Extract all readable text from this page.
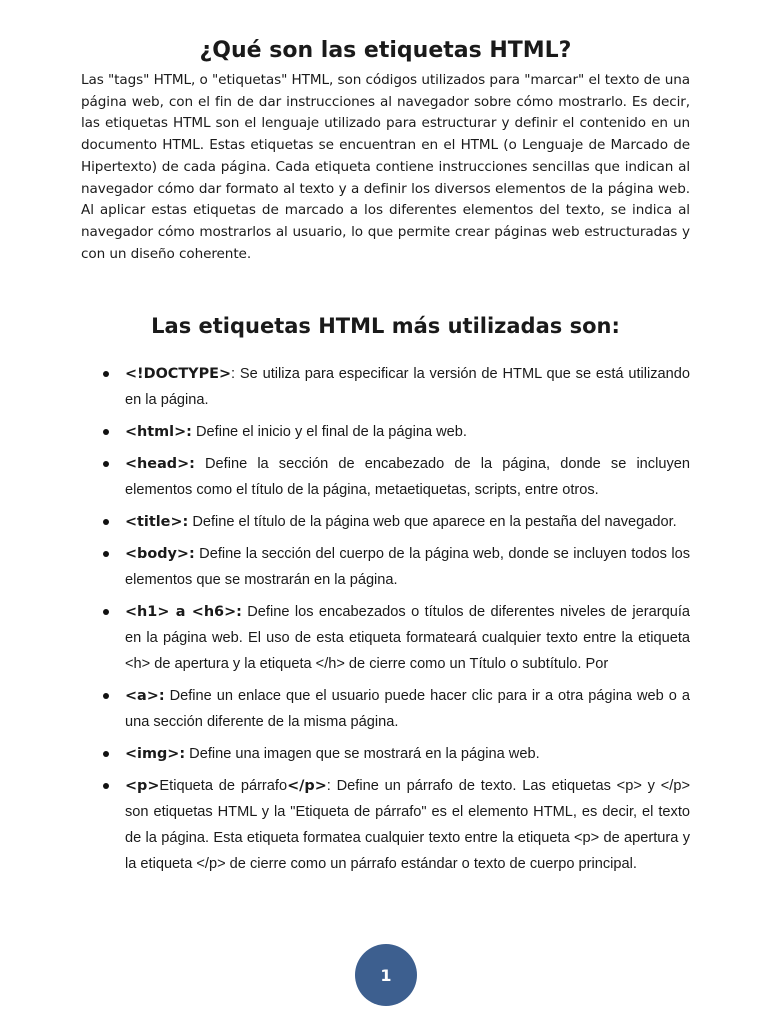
¿Qué son las etiquetas HTML?

Las "tags" HTML, o "etiquetas" HTML, son códigos utilizados para "marcar" el texto de una página web, con el fin de dar instrucciones al navegador sobre cómo mostrarlo. Es decir, las etiquetas HTML son el lenguaje utilizado para estructurar y definir el contenido en un documento HTML. Estas etiquetas se encuentran en el HTML (o Lenguaje de Marcado de Hipertexto) de cada página. Cada etiqueta contiene instrucciones sencillas que indican al navegador cómo dar formato al texto y a definir los diversos elementos de la página web. Al aplicar estas etiquetas de marcado a los diferentes elementos del texto, se indica al navegador cómo mostrarlos al usuario, lo que permite crear páginas web estructuradas y con un diseño coherente.

Las etiquetas HTML más utilizadas son:
<!DOCTYPE>: Se utiliza para especificar la versión de HTML que se está utilizando en la página.
<html>: Define el inicio y el final de la página web.
<head>: Define la sección de encabezado de la página, donde se incluyen elementos como el título de la página, metaetiquetas, scripts, entre otros.
<title>: Define el título de la página web que aparece en la pestaña del navegador.
<body>: Define la sección del cuerpo de la página web, donde se incluyen todos los elementos que se mostrarán en la página.
<h1> a <h6>: Define los encabezados o títulos de diferentes niveles de jerarquía en la página web. El uso de esta etiqueta formateará cualquier texto entre la etiqueta <h> de apertura y la etiqueta </h> de cierre como un Título o subtítulo. Por
<a>: Define un enlace que el usuario puede hacer clic para ir a otra página web o a una sección diferente de la misma página.
<img>: Define una imagen que se mostrará en la página web.
<p>Etiqueta de párrafo</p>: Define un párrafo de texto. Las etiquetas <p> y </p> son etiquetas HTML y la "Etiqueta de párrafo" es el elemento HTML, es decir, el texto de la página. Esta etiqueta formatea cualquier texto entre la etiqueta <p> de apertura y la etiqueta </p> de cierre como un párrafo estándar o texto de cuerpo principal.
1
